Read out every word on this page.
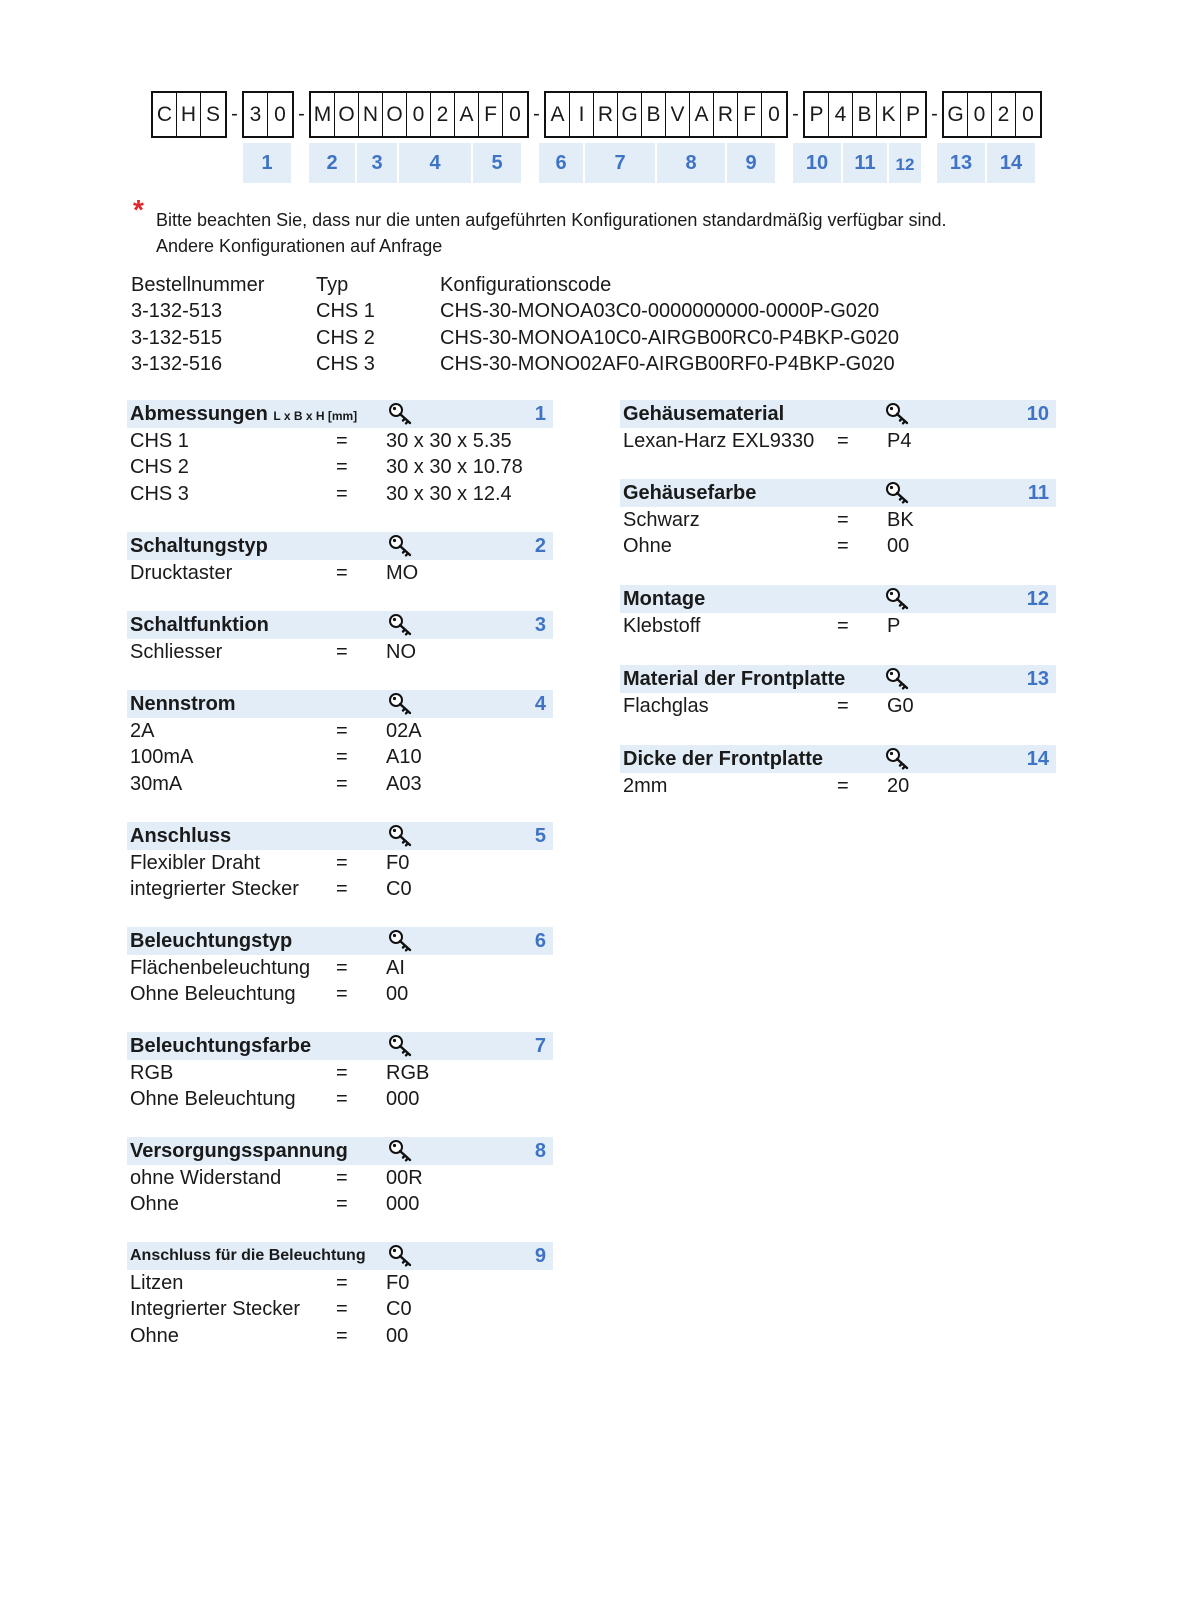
C H S - 3 0 - M O N O 0 2 A F 0 - A I R G B V A R F 0 - P 4 B K P - G 0 2 0
1	2	3	4	5	6	7	8	9	10	11	12	13	14
* Bitte beachten Sie, dass nur die unten aufgeführten Konfigurationen standardmäßig verfügbar sind.
Andere Konfigurationen auf Anfrage
Bestellnummer	Typ	Konfigurationscode
3-132-513	CHS 1	CHS-30-MONOA03C0-0000000000-0000P-G020
3-132-515	CHS 2	CHS-30-MONOA10C0-AIRGB00RC0-P4BKP-G020
3-132-516	CHS 3	CHS-30-MONO02AF0-AIRGB00RF0-P4BKP-G020
Abmessungen L x B x H [mm]	1
CHS 1	= 30 x 30 x 5.35
CHS 2	= 30 x 30 x 10.78
CHS 3	= 30 x 30 x 12.4
Schaltungstyp	2
Drucktaster	= MO
Schaltfunktion	3
Schliesser	= NO
Nennstrom	4
2A	= 02A
100mA	= A10
30mA	= A03
Anschluss	5
Flexibler Draht	= F0
integrierter Stecker = C0
Beleuchtungstyp	6
Flächenbeleuchtung = AI
Ohne Beleuchtung = 00
Beleuchtungsfarbe	7
RGB	= RGB
Ohne Beleuchtung = 000
Versorgungsspannung	8
ohne Widerstand	= 00R
Ohne	= 000
Anschluss für die Beleuchtung	9
Litzen	= F0
Integrierter Stecker = C0
Ohne	= 00
Gehäusematerial	10
Lexan-Harz EXL9330 = P4
Gehäusefarbe	11
Schwarz	= BK
Ohne	= 00
Montage	12
Klebstoff	= P
Material der Frontplatte	13
Flachglas	= G0
Dicke der Frontplatte	14
2mm	= 20
